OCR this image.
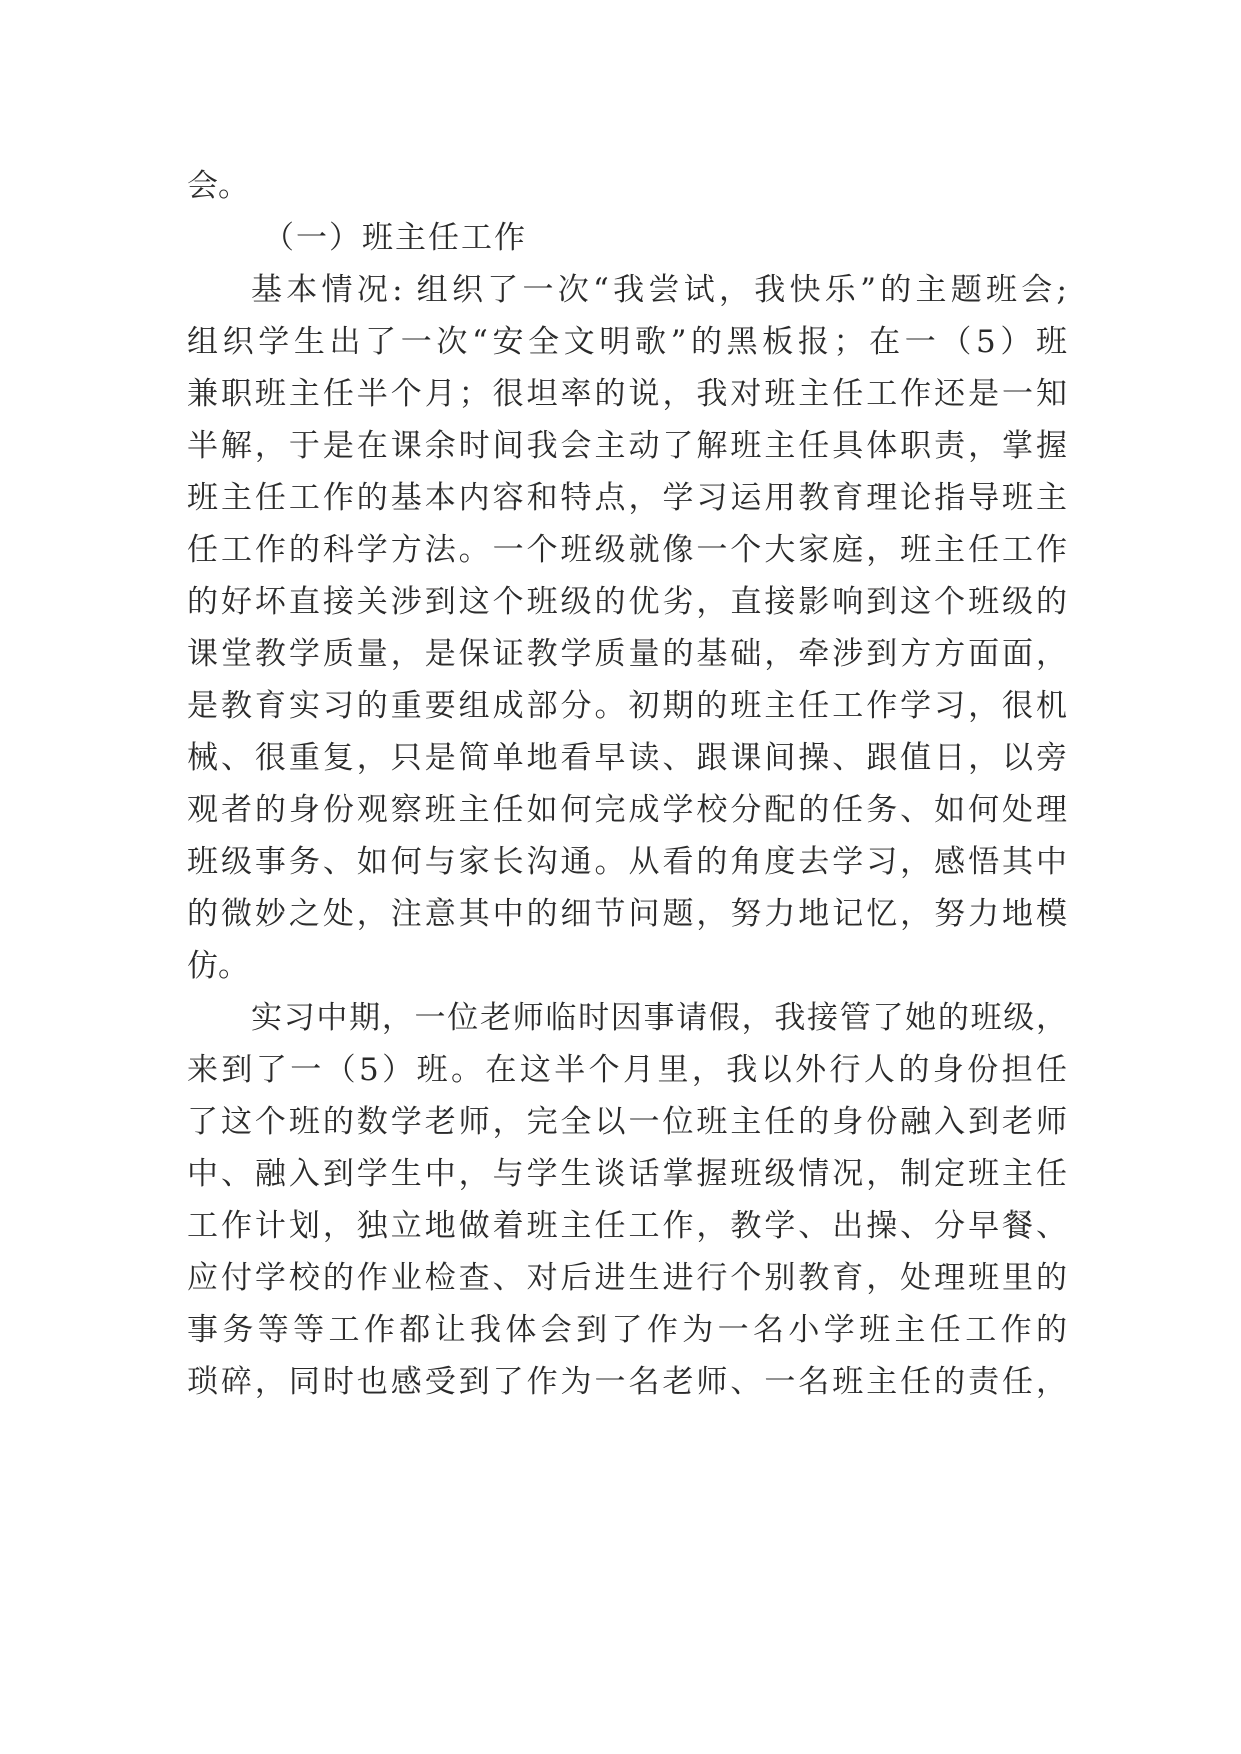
会。
（一）班主任工作
基本情况: 组织了一次“我尝试，我快乐”的主题班会;
组织学生出了一次“安全文明歌”的黑板报；在一（5）班
兼职班主任半个月；很坦率的说，我对班主任工作还是一知
半解，于是在课余时间我会主动了解班主任具体职责，掌握
班主任工作的基本内容和特点，学习运用教育理论指导班主
任工作的科学方法。一个班级就像一个大家庭，班主任工作
的好坏直接关涉到这个班级的优劣，直接影响到这个班级的
课堂教学质量，是保证教学质量的基础，牵涉到方方面面，
是教育实习的重要组成部分。初期的班主任工作学习，很机
械、很重复，只是简单地看早读、跟课间操、跟值日，以旁
观者的身份观察班主任如何完成学校分配的任务、如何处理
班级事务、如何与家长沟通。从看的角度去学习，感悟其中
的微妙之处，注意其中的细节问题，努力地记忆，努力地模
仿。
实习中期，一位老师临时因事请假，我接管了她的班级，
来到了一（5）班。在这半个月里，我以外行人的身份担任
了这个班的数学老师，完全以一位班主任的身份融入到老师
中、融入到学生中，与学生谈话掌握班级情况，制定班主任
工作计划，独立地做着班主任工作，教学、出操、分早餐、
应付学校的作业检查、对后进生进行个别教育，处理班里的
事务等等工作都让我体会到了作为一名小学班主任工作的
琐碎，同时也感受到了作为一名老师、一名班主任的责任，
